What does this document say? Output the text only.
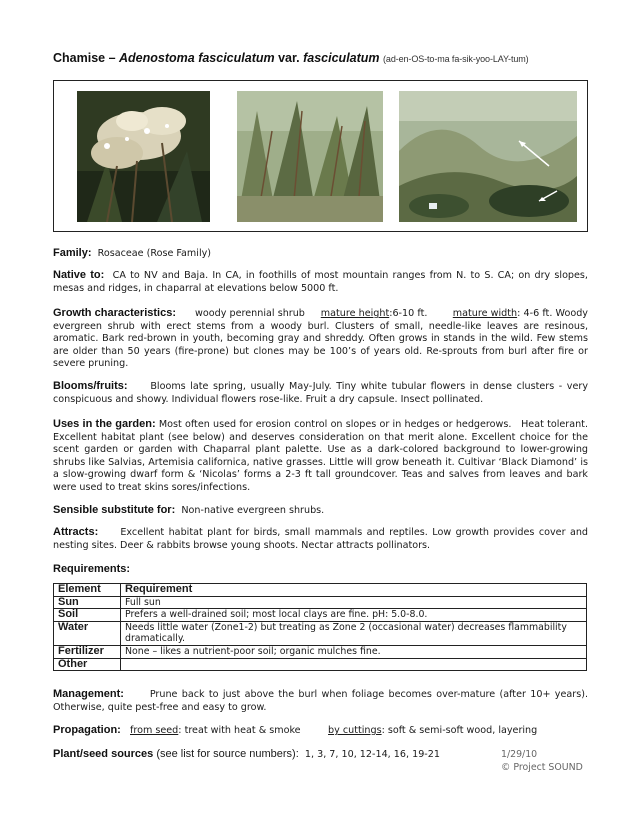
Chamise – Adenostoma fasciculatum var. fasciculatum (ad-en-OS-to-ma fa-sik-yoo-LAY-tum)
Family: Rosaceae (Rose Family)
Native to: CA to NV and Baja. In CA, in foothills of most mountain ranges from N. to S. CA; on dry slopes, mesas and ridges, in chaparral at elevations below 5000 ft.
Growth characteristics: woody perennial shrub mature height:6-10 ft.	mature width: 4-6 ft. Woody evergreen shrub with erect stems from a woody burl. Clusters of small, needle-like leaves are resinous, aromatic. Bark red-brown in youth, becoming gray and shreddy. Often grows in stands in the wild. Few stems are older than 50 years (fire-prone) but clones may be 100’s of years old. Re-sprouts from burl after fire or severe pruning.
Blooms/fruits: Blooms late spring, usually May-July. Tiny white tubular flowers in dense clusters - very conspicuous and showy. Individual flowers rose-like. Fruit a dry capsule. Insect pollinated.
Uses in the garden: Most often used for erosion control on slopes or in hedges or hedgerows. Heat tolerant. Excellent habitat plant (see below) and deserves consideration on that merit alone. Excellent choice for the scent garden or garden with Chaparral plant palette. Use as a dark-colored background to lower-growing shrubs like Salvias, Artemisia californica, native grasses. Little will grow beneath it. Cultivar ‘Black Diamond’ is a slow-growing dwarf form & ‘Nicolas’ forms a 2-3 ft tall groundcover. Teas and salves from leaves and bark were used to treat skins sores/infections.
Sensible substitute for: Non-native evergreen shrubs.
Attracts: Excellent habitat plant for birds, small mammals and reptiles. Low growth provides cover and nesting sites. Deer & rabbits browse young shoots. Nectar attracts pollinators.
Requirements:
Element	Requirement
Sun	Full sun
Soil	Prefers a well-drained soil; most local clays are fine. pH: 5.0-8.0.
Water	Needs little water (Zone1-2) but treating as Zone 2 (occasional water) decreases flammability dramatically.
Fertilizer	None – likes a nutrient-poor soil; organic mulches fine.
Other	
Management:	Prune back to just above the burl when foliage becomes over-mature (after 10+ years). Otherwise, quite pest-free and easy to grow.
Propagation: from seed: treat with heat & smoke	by cuttings: soft & semi-soft wood, layering
Plant/seed sources (see list for source numbers): 1, 3, 7, 10, 12-14, 16, 19-21	1/29/10
© Project SOUND
